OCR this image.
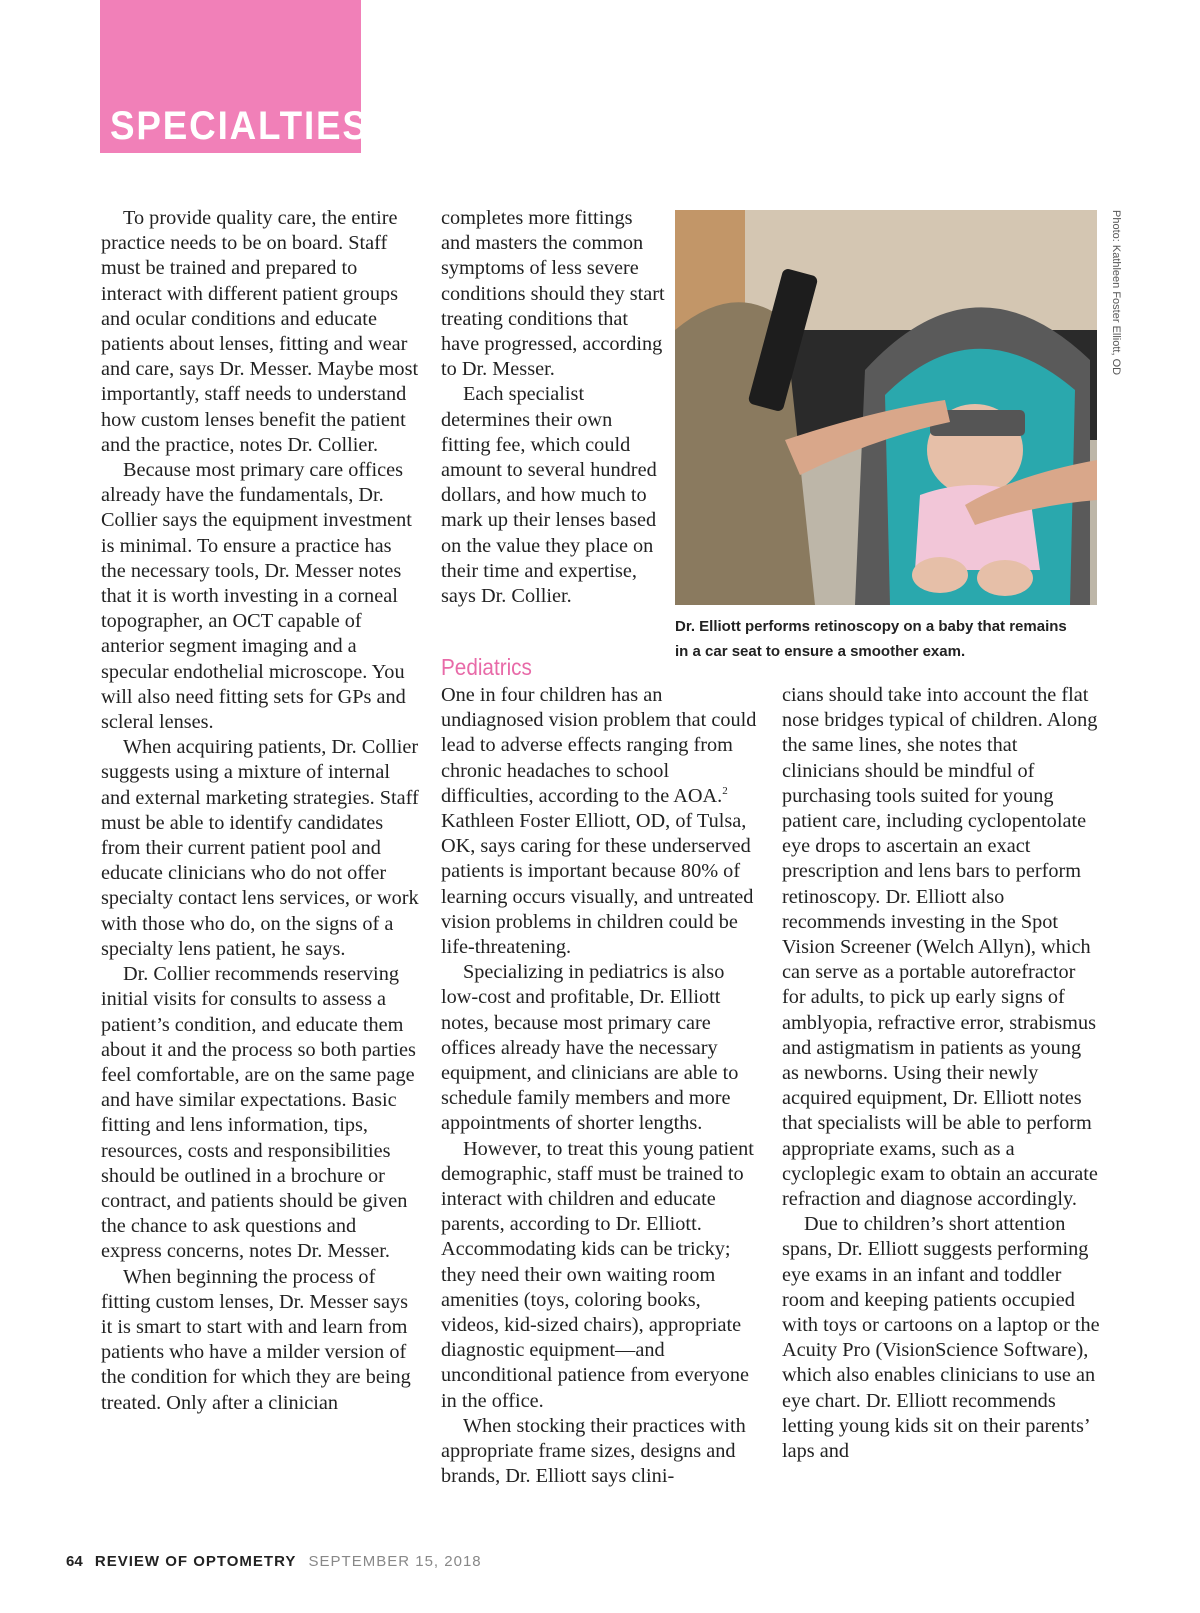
SPECIALTIES

To provide quality care, the entire practice needs to be on board. Staff must be trained and prepared to interact with different patient groups and ocular conditions and educate patients about lenses, fitting and wear and care, says Dr. Messer. Maybe most importantly, staff needs to understand how custom lenses benefit the patient and the practice, notes Dr. Collier.

Because most primary care offices already have the fundamentals, Dr. Collier says the equipment investment is minimal. To ensure a practice has the necessary tools, Dr. Messer notes that it is worth investing in a corneal topographer, an OCT capable of anterior segment imaging and a specular endothelial microscope. You will also need fitting sets for GPs and scleral lenses.

When acquiring patients, Dr. Collier suggests using a mixture of internal and external marketing strategies. Staff must be able to identify candidates from their current patient pool and educate clinicians who do not offer specialty contact lens services, or work with those who do, on the signs of a specialty lens patient, he says.

Dr. Collier recommends reserving initial visits for consults to assess a patient’s condition, and educate them about it and the process so both parties feel comfortable, are on the same page and have similar expectations. Basic fitting and lens information, tips, resources, costs and responsibilities should be outlined in a brochure or contract, and patients should be given the chance to ask questions and express concerns, notes Dr. Messer.

When beginning the process of fitting custom lenses, Dr. Messer says it is smart to start with and learn from patients who have a milder version of the condition for which they are being treated. Only after a clinician

completes more fittings and masters the common symptoms of less severe conditions should they start treating conditions that have progressed, according to Dr. Messer.

Each specialist determines their own fitting fee, which could amount to several hundred dollars, and how much to mark up their lenses based on the value they place on their time and expertise, says Dr. Collier.

Photo: Kathleen Foster Elliott, OD
Dr. Elliott performs retinoscopy on a baby that remains in a car seat to ensure a smoother exam.
Pediatrics

One in four children has an undiagnosed vision problem that could lead to adverse effects ranging from chronic headaches to school difficulties, according to the AOA.$^2$ Kathleen Foster Elliott, OD, of Tulsa, OK, says caring for these underserved patients is important because 80% of learning occurs visually, and untreated vision problems in children could be life-threatening.

Specializing in pediatrics is also low-cost and profitable, Dr. Elliott notes, because most primary care offices already have the necessary equipment, and clinicians are able to schedule family members and more appointments of shorter lengths.

However, to treat this young patient demographic, staff must be trained to interact with children and educate parents, according to Dr. Elliott. Accommodating kids can be tricky; they need their own waiting room amenities (toys, coloring books, videos, kid-sized chairs), appropriate diagnostic equipment—and unconditional patience from everyone in the office.

When stocking their practices with appropriate frame sizes, designs and brands, Dr. Elliott says clini-

cians should take into account the flat nose bridges typical of children. Along the same lines, she notes that clinicians should be mindful of purchasing tools suited for young patient care, including cyclopentolate eye drops to ascertain an exact prescription and lens bars to perform retinoscopy. Dr. Elliott also recommends investing in the Spot Vision Screener (Welch Allyn), which can serve as a portable autorefractor for adults, to pick up early signs of amblyopia, refractive error, strabismus and astigmatism in patients as young as newborns. Using their newly acquired equipment, Dr. Elliott notes that specialists will be able to perform appropriate exams, such as a cycloplegic exam to obtain an accurate refraction and diagnose accordingly.

Due to children’s short attention spans, Dr. Elliott suggests performing eye exams in an infant and toddler room and keeping patients occupied with toys or cartoons on a laptop or the Acuity Pro (VisionScience Software), which also enables clinicians to use an eye chart. Dr. Elliott recommends letting young kids sit on their parents’ laps and

64 REVIEW OF OPTOMETRY SEPTEMBER 15, 2018
